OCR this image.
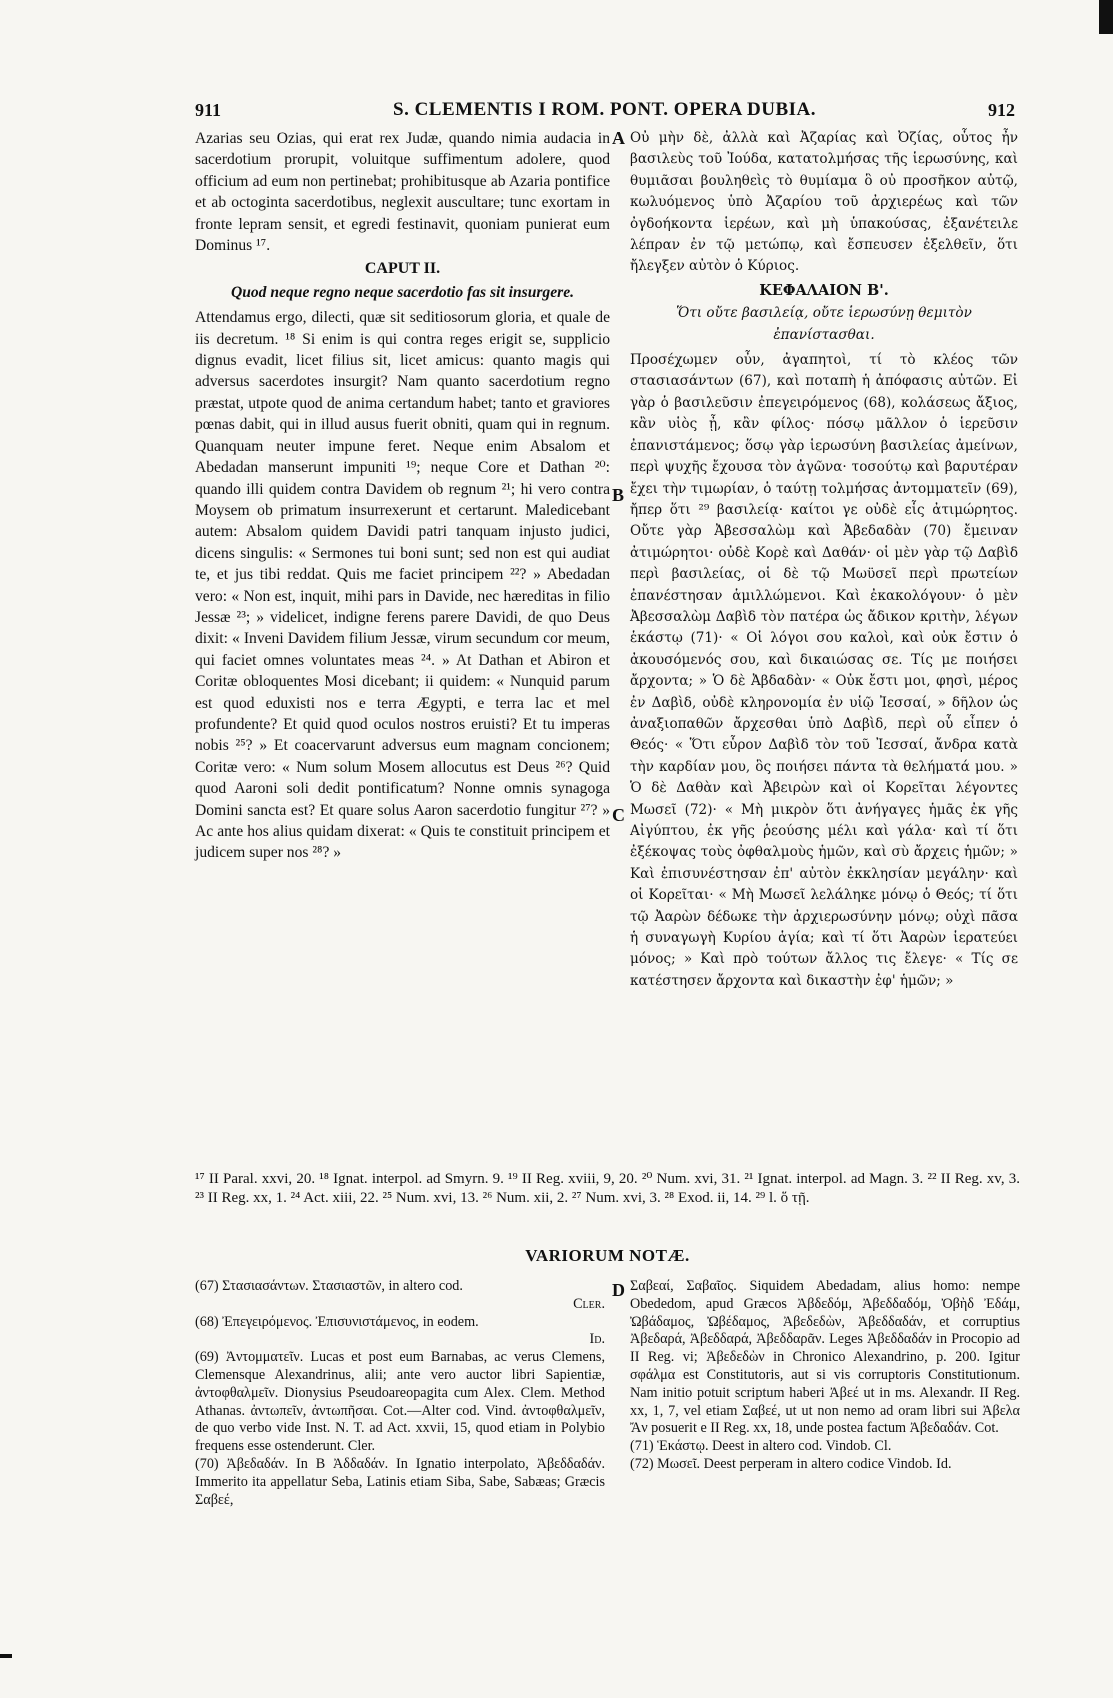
911	S. CLEMENTIS I ROM. PONT. OPERA DUBIA.	912
A
B
C
D

Azarias seu Ozias, qui erat rex Judæ, quando nimia audacia in sacerdotium prorupit, voluitque suffimentum adolere, quod officium ad eum non pertinebat; prohibitusque ab Azaria pontifice et ab octoginta sacerdotibus, neglexit auscultare; tunc exortam in fronte lepram sensit, et egredi festinavit, quoniam punierat eum Dominus ¹⁷.

CAPUT II.
Quod neque regno neque sacerdotio fas sit insurgere.

Attendamus ergo, dilecti, quæ sit seditiosorum gloria, et quale de iis decretum. ¹⁸ Si enim is qui contra reges erigit se, supplicio dignus evadit, licet filius sit, licet amicus: quanto magis qui adversus sacerdotes insurgit? Nam quanto sacerdotium regno præstat, utpote quod de anima certandum habet; tanto et graviores pœnas dabit, qui in illud ausus fuerit obniti, quam qui in regnum. Quanquam neuter impune feret. Neque enim Absalom et Abedadan manserunt impuniti ¹⁹; neque Core et Dathan ²⁰: quando illi quidem contra Davidem ob regnum ²¹; hi vero contra Moysem ob primatum insurrexerunt et certarunt. Maledicebant autem: Absalom quidem Davidi patri tanquam injusto judici, dicens singulis: « Sermones tui boni sunt; sed non est qui audiat te, et jus tibi reddat. Quis me faciet principem ²²? » Abedadan vero: « Non est, inquit, mihi pars in Davide, nec hæreditas in filio Jessæ ²³; » videlicet, indigne ferens parere Davidi, de quo Deus dixit: « Inveni Davidem filium Jessæ, virum secundum cor meum, qui faciet omnes voluntates meas ²⁴. » At Dathan et Abiron et Coritæ obloquentes Mosi dicebant; ii quidem: « Nunquid parum est quod eduxisti nos e terra Ægypti, e terra lac et mel profundente? Et quid quod oculos nostros eruisti? Et tu imperas nobis ²⁵? » Et coacervarunt adversus eum magnam concionem; Coritæ vero: « Num solum Mosem allocutus est Deus ²⁶? Quid quod Aaroni soli dedit pontificatum? Nonne omnis synagoga Domini sancta est? Et quare solus Aaron sacerdotio fungitur ²⁷? » Ac ante hos alius quidam dixerat: « Quis te constituit principem et judicem super nos ²⁸? »

Οὐ μὴν δὲ, ἀλλὰ καὶ Ἀζαρίας καὶ Ὀζίας, οὗτος ἦν βασιλεὺς τοῦ Ἰούδα, κατατολμήσας τῆς ἱερωσύνης, καὶ θυμιᾶσαι βουληθεὶς τὸ θυμίαμα ὃ οὐ προσῆκον αὐτῷ, κωλυόμενος ὑπὸ Ἀζαρίου τοῦ ἀρχιερέως καὶ τῶν ὀγδοήκοντα ἱερέων, καὶ μὴ ὑπακούσας, ἐξανέτειλε λέπραν ἐν τῷ μετώπῳ, καὶ ἔσπευσεν ἐξελθεῖν, ὅτι ἤλεγξεν αὐτὸν ὁ Κύριος.

ΚΕΦΑΛΑΙΟΝ Β'.
Ὅτι οὔτε βασιλείᾳ, οὔτε ἱερωσύνῃ θεμιτὸν ἐπανίστασθαι.

Προσέχωμεν οὖν, ἀγαπητοὶ, τί τὸ κλέος τῶν στασιασάντων (67), καὶ ποταπὴ ἡ ἀπόφασις αὐτῶν. Εἰ γὰρ ὁ βασιλεῦσιν ἐπεγειρόμενος (68), κολάσεως ἄξιος, κἂν υἱὸς ᾖ, κἂν φίλος· πόσῳ μᾶλλον ὁ ἱερεῦσιν ἐπανιστάμενος; ὅσῳ γὰρ ἱερωσύνη βασιλείας ἀμείνων, περὶ ψυχῆς ἔχουσα τὸν ἀγῶνα· τοσούτῳ καὶ βαρυτέραν ἔχει τὴν τιμωρίαν, ὁ ταύτῃ τολμήσας ἀντομματεῖν (69), ἤπερ ὅτι ²⁹ βασιλείᾳ· καίτοι γε οὐδὲ εἷς ἀτιμώρητος. Οὔτε γὰρ Ἀβεσσαλὼμ καὶ Ἀβεδαδὰν (70) ἔμειναν ἀτιμώρητοι· οὐδὲ Κορὲ καὶ Δαθάν· οἱ μὲν γὰρ τῷ Δαβὶδ περὶ βασιλείας, οἱ δὲ τῷ Μωϋσεῖ περὶ πρωτείων ἐπανέστησαν ἁμιλλώμενοι. Καὶ ἐκακολόγουν· ὁ μὲν Ἀβεσσαλὼμ Δαβὶδ τὸν πατέρα ὡς ἄδικον κριτὴν, λέγων ἑκάστῳ (71)· « Οἱ λόγοι σου καλοὶ, καὶ οὐκ ἔστιν ὁ ἀκουσόμενός σου, καὶ δικαιώσας σε. Τίς με ποιήσει ἄρχοντα; » Ὁ δὲ Ἀβδαδὰν· « Οὐκ ἔστι μοι, φησὶ, μέρος ἐν Δαβὶδ, οὐδὲ κληρονομία ἐν υἱῷ Ἰεσσαί, » δῆλον ὡς ἀναξιοπαθῶν ἄρχεσθαι ὑπὸ Δαβὶδ, περὶ οὗ εἶπεν ὁ Θεός· « Ὅτι εὗρον Δαβὶδ τὸν τοῦ Ἰεσσαί, ἄνδρα κατὰ τὴν καρδίαν μου, ὃς ποιήσει πάντα τὰ θελήματά μου. » Ὁ δὲ Δαθὰν καὶ Ἀβειρὼν καὶ οἱ Κορεῖται λέγοντες Μωσεῖ (72)· « Μὴ μικρὸν ὅτι ἀνήγαγες ἡμᾶς ἐκ γῆς Αἰγύπτου, ἐκ γῆς ῥεούσης μέλι καὶ γάλα· καὶ τί ὅτι ἐξέκοψας τοὺς ὀφθαλμοὺς ἡμῶν, καὶ σὺ ἄρχεις ἡμῶν; » Καὶ ἐπισυνέστησαν ἐπ' αὐτὸν ἐκκλησίαν μεγάλην· καὶ οἱ Κορεῖται· « Μὴ Μωσεῖ λελάληκε μόνῳ ὁ Θεός; τί ὅτι τῷ Ἀαρὼν δέδωκε τὴν ἀρχιερωσύνην μόνῳ; οὐχὶ πᾶσα ἡ συναγωγὴ Κυρίου ἁγία; καὶ τί ὅτι Ἀαρὼν ἱερατεύει μόνος; » Καὶ πρὸ τούτων ἄλλος τις ἔλεγε· « Τίς σε κατέστησεν ἄρχοντα καὶ δικαστὴν ἐφ' ἡμῶν; »

¹⁷ II Paral. xxvi, 20. ¹⁸ Ignat. interpol. ad Smyrn. 9. ¹⁹ II Reg. xviii, 9, 20. ²⁰ Num. xvi, 31. ²¹ Ignat. interpol. ad Magn. 3. ²² II Reg. xv, 3. ²³ II Reg. xx, 1. ²⁴ Act. xiii, 22. ²⁵ Num. xvi, 13. ²⁶ Num. xii, 2. ²⁷ Num. xvi, 3. ²⁸ Exod. ii, 14. ²⁹ l. ὅ τῇ.
VARIORUM NOTÆ.

(67) Στασιασάντων. Στασιαστῶν, in altero cod.

Cler.

(68) Ἐπεγειρόμενος. Ἐπισυνιστάμενος, in eodem.

Id.

(69) Ἀντομματεῖν. Lucas et post eum Barnabas, ac verus Clemens, Clemensque Alexandrinus, alii; ante vero auctor libri Sapientiæ, ἀντοφθαλμεῖν. Dionysius Pseudoareopagita cum Alex. Clem. Method Athanas. ἀντωπεῖν, ἀντωπῆσαι. Cot.—Alter cod. Vind. ἀντοφθαλμεῖν, de quo verbo vide Inst. N. T. ad Act. xxvii, 15, quod etiam in Polybio frequens esse ostenderunt. Cler.

(70) Ἀβεδαδάν. In B Ἀδδαδάν. In Ignatio interpolato, Ἀβεδδαδάν. Immerito ita appellatur Seba, Latinis etiam Siba, Sabe, Sabæas; Græcis Σαβεέ,

Σαβεαί, Σαβαῖος. Siquidem Abedadam, alius homo: nempe Obededom, apud Græcos Ἀβδεδόμ, Ἀβεδδαδόμ, Ὀβὴδ Ἐδάμ, Ὠβάδαμος, Ὠβέδαμος, Ἀβεδεδὼν, Ἀβεδδαδάν, et corruptius Ἀβεδαρά, Ἀβεδδαρά, Ἀβεδδαρᾶν. Leges Ἀβεδδαδάν in Procopio ad II Reg. vi; Ἀβεδεδὼν in Chronico Alexandrino, p. 200. Igitur σφάλμα est Constitutoris, aut si vis corruptoris Constitutionum. Nam initio potuit scriptum haberi Ἀβεέ ut in ms. Alexandr. II Reg. xx, 1, 7, vel etiam Σαβεέ, ut ut non nemo ad oram libri sui Ἀβελα Ἄν posuerit e II Reg. xx, 18, unde postea factum Ἀβεδαδάν. Cot.

(71) Ἑκάστῳ. Deest in altero cod. Vindob. Cl.

(72) Μωσεῖ. Deest perperam in altero codice Vindob. Id.
